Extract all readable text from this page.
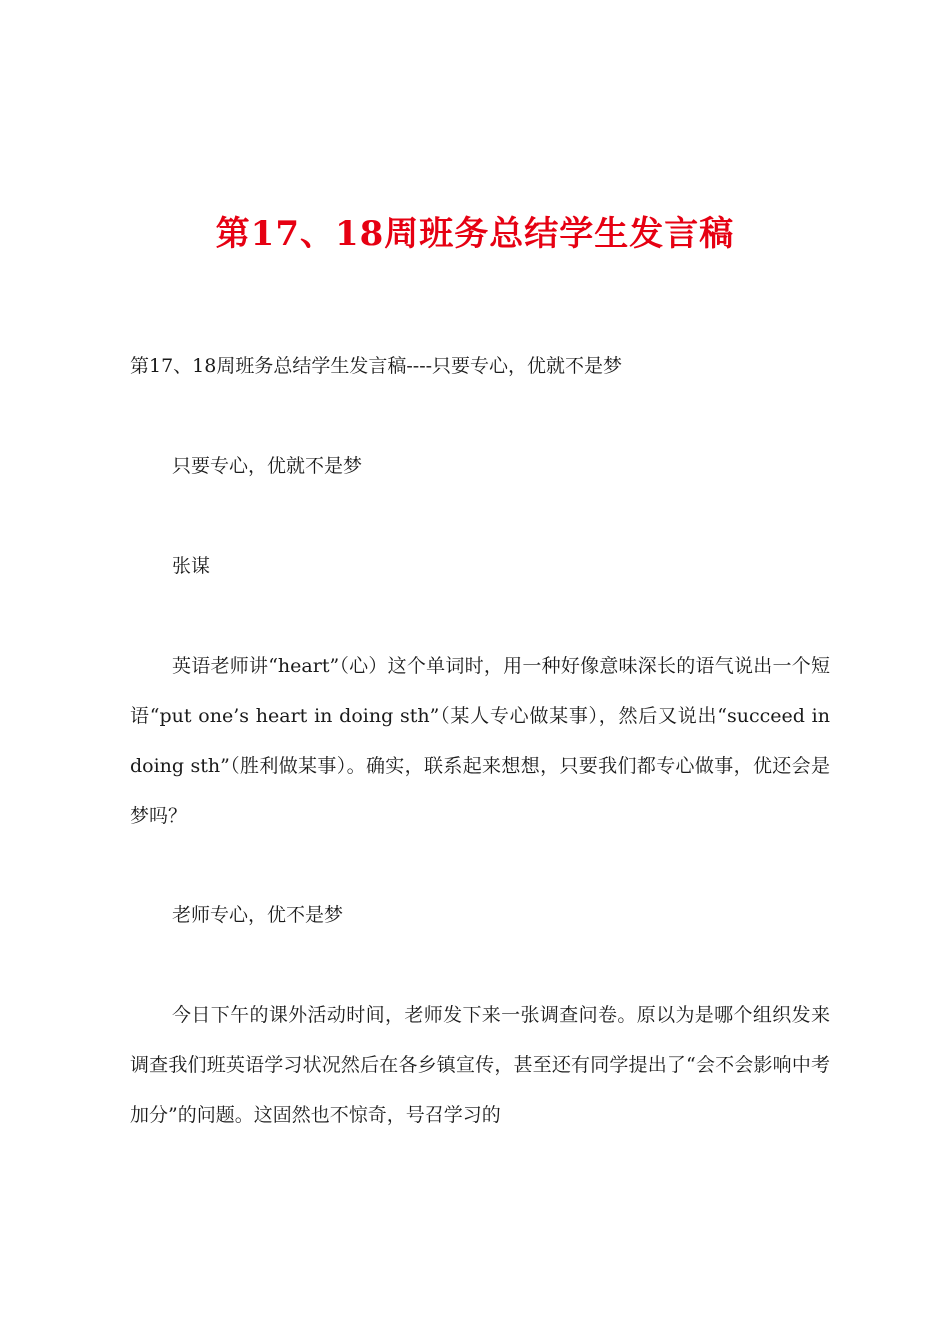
第17、18周班务总结学生发言稿

第17、18周班务总结学生发言稿----只要专心，优就不是梦

只要专心，优就不是梦

张谋

英语老师讲“heart”（心）这个单词时，用一种好像意味深长的语气说出一个短语“put one’s heart in doing sth”（某人专心做某事），然后又说出“succeed in doing sth”（胜利做某事）。确实，联系起来想想，只要我们都专心做事，优还会是梦吗？

老师专心，优不是梦

今日下午的课外活动时间，老师发下来一张调查问卷。原以为是哪个组织发来调查我们班英语学习状况然后在各乡镇宣传，甚至还有同学提出了“会不会影响中考加分”的问题。这固然也不惊奇，号召学习的
